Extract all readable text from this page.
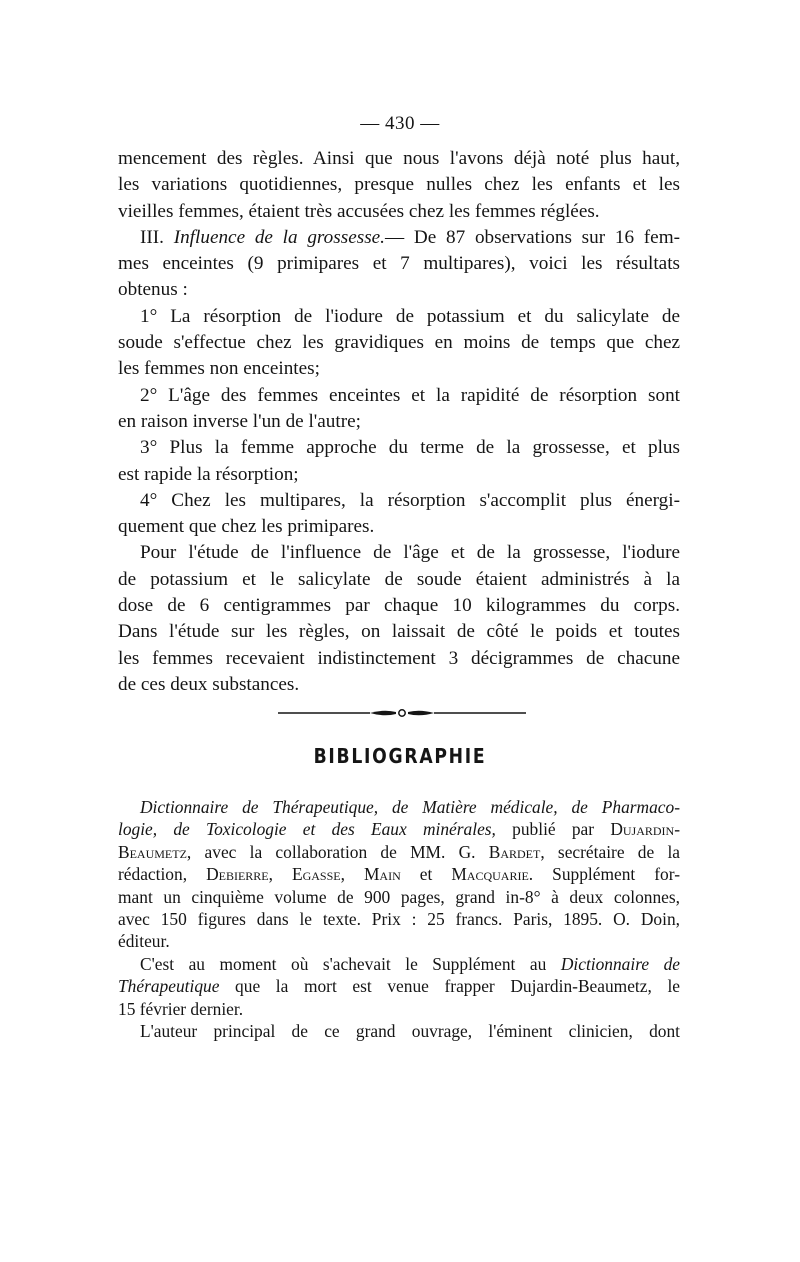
— 430 —
mencement des règles. Ainsi que nous l'avons déjà noté plus haut,
les variations quotidiennes, presque nulles chez les enfants et les
vieilles femmes, étaient très accusées chez les femmes réglées.
III. Influence de la grossesse.— De 87 observations sur 16 fem-
mes enceintes (9 primipares et 7 multipares), voici les résultats
obtenus :
1° La résorption de l'iodure de potassium et du salicylate de
soude s'effectue chez les gravidiques en moins de temps que chez
les femmes non enceintes;
2° L'âge des femmes enceintes et la rapidité de résorption sont
en raison inverse l'un de l'autre;
3° Plus la femme approche du terme de la grossesse, et plus
est rapide la résorption;
4° Chez les multipares, la résorption s'accomplit plus énergi-
quement que chez les primipares.
Pour l'étude de l'influence de l'âge et de la grossesse, l'iodure
de potassium et le salicylate de soude étaient administrés à la
dose de 6 centigrammes par chaque 10 kilogrammes du corps.
Dans l'étude sur les règles, on laissait de côté le poids et toutes
les femmes recevaient indistinctement 3 décigrammes de chacune
de ces deux substances.
BIBLIOGRAPHIE
Dictionnaire de Thérapeutique, de Matière médicale, de Pharmaco-
logie, de Toxicologie et des Eaux minérales, publié par Dujardin-
Beaumetz, avec la collaboration de MM. G. Bardet, secrétaire de la
rédaction, Debierre, Egasse, Main et Macquarie. Supplément for-
mant un cinquième volume de 900 pages, grand in-8° à deux colonnes,
avec 150 figures dans le texte. Prix : 25 francs. Paris, 1895. O. Doin,
éditeur.
C'est au moment où s'achevait le Supplément au Dictionnaire de
Thérapeutique que la mort est venue frapper Dujardin-Beaumetz, le
15 février dernier.
L'auteur principal de ce grand ouvrage, l'éminent clinicien, dont
